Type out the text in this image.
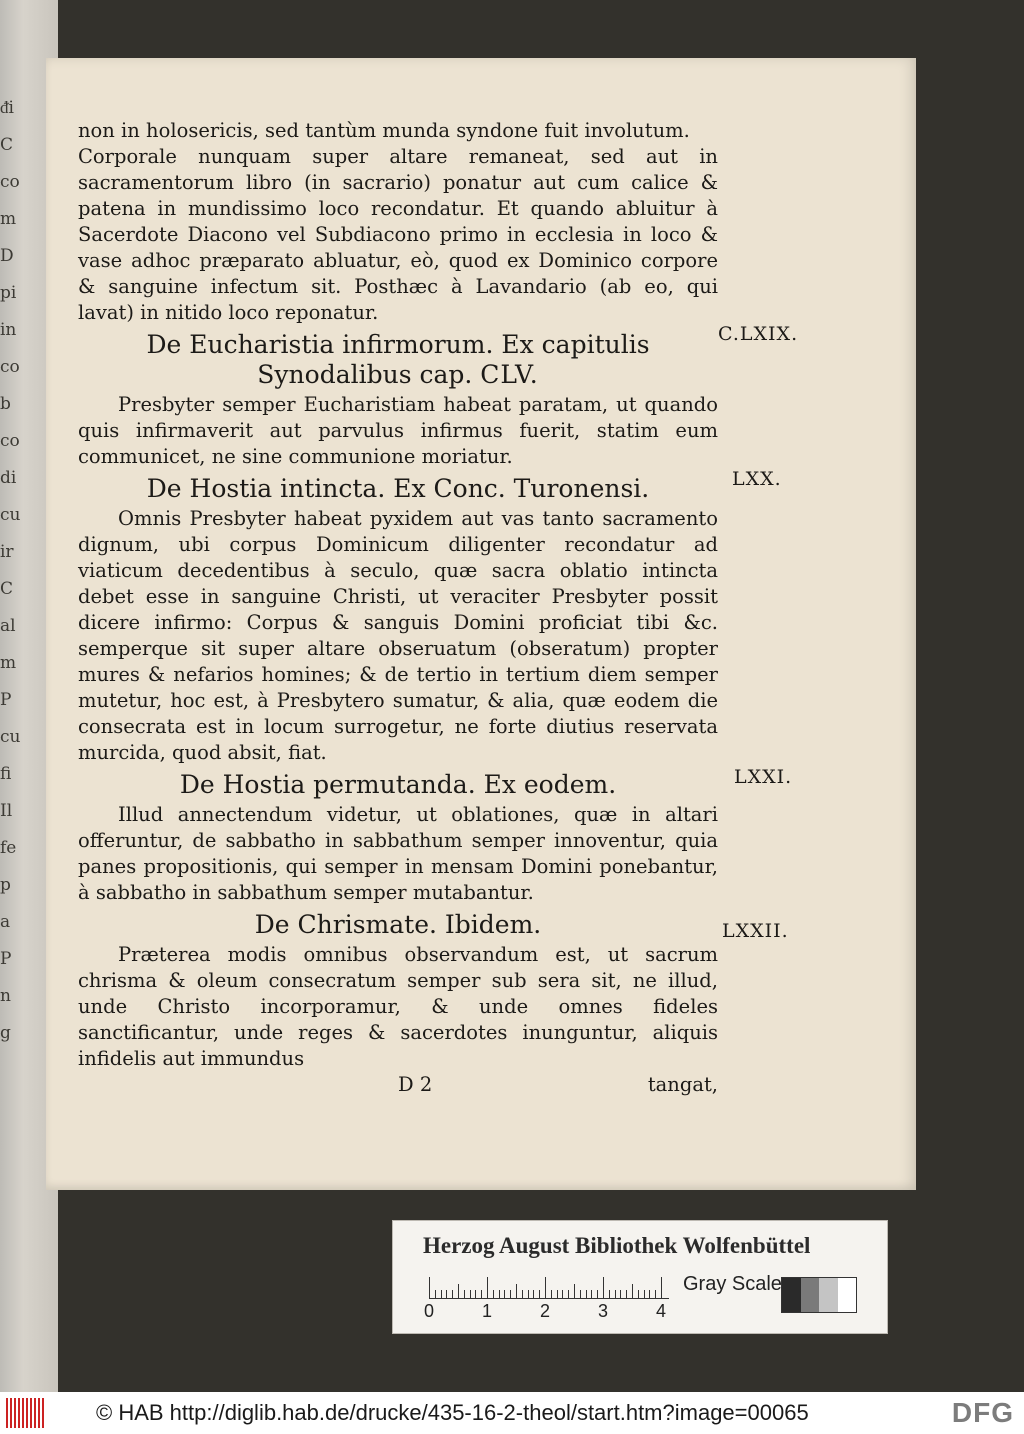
ᵭi
C
co
m
D
pi
in
co
b
co
di
cu
ir
C
al
m
P
cu
fi
Il
fe
p
a
P
n
g

non in holosericis, sed tantùm munda syndone fuit involutum.

Corporale nunquam super altare remaneat, sed aut in sacramentorum libro (in sacrario) ponatur aut cum calice & patena in mundissimo loco recondatur. Et quando abluitur à Sacerdote Diacono vel Subdiacono primo in ecclesia in loco & vase adhoc præparato abluatur, eò, quod ex Dominico corpore & sanguine infectum sit. Posthæc à Lavandario (ab eo, qui lavat) in nitido loco reponatur.

De Eucharistia infirmorum. Ex capitulis Synodalibus cap. CLV.

Presbyter semper Eucharistiam habeat paratam, ut quando quis infirmaverit aut parvulus infirmus fuerit, statim eum communicet, ne sine communione moriatur.

De Hostia intincta. Ex Conc. Turonensi.

Omnis Presbyter habeat pyxidem aut vas tanto sacramento dignum, ubi corpus Dominicum diligenter recondatur ad viaticum decedentibus à seculo, quæ sacra oblatio intincta debet esse in sanguine Christi, ut veraciter Presbyter possit dicere infirmo: Corpus & sanguis Domini proficiat tibi &c. semperque sit super altare obseruatum (obseratum) propter mures & nefarios homines; & de tertio in tertium diem semper mutetur, hoc est, à Presbytero sumatur, & alia, quæ eodem die consecrata est in locum surrogetur, ne forte diutius reservata murcida, quod absit, fiat.

De Hostia permutanda. Ex eodem.

Illud annectendum videtur, ut oblationes, quæ in altari offeruntur, de sabbatho in sabbathum semper innoventur, quia panes propositionis, qui semper in mensam Domini ponebantur, à sabbatho in sabbathum semper mutabantur.

De Chrismate. Ibidem.

Præterea modis omnibus observandum est, ut sacrum chrisma & oleum consecratum semper sub sera sit, ne illud, unde Christo incorporamur, & unde omnes fideles sanctificantur, unde reges & sacerdotes inunguntur, aliquis infidelis aut immundus

D 2	tangat,
C.LXIX.
LXX.
LXXI.
LXXII.
Herzog August Bibliothek Wolfenbüttel
0	1	2	3	4
Gray Scale
© HAB http://diglib.hab.de/drucke/435-16-2-theol/start.htm?image=00065	DFG
